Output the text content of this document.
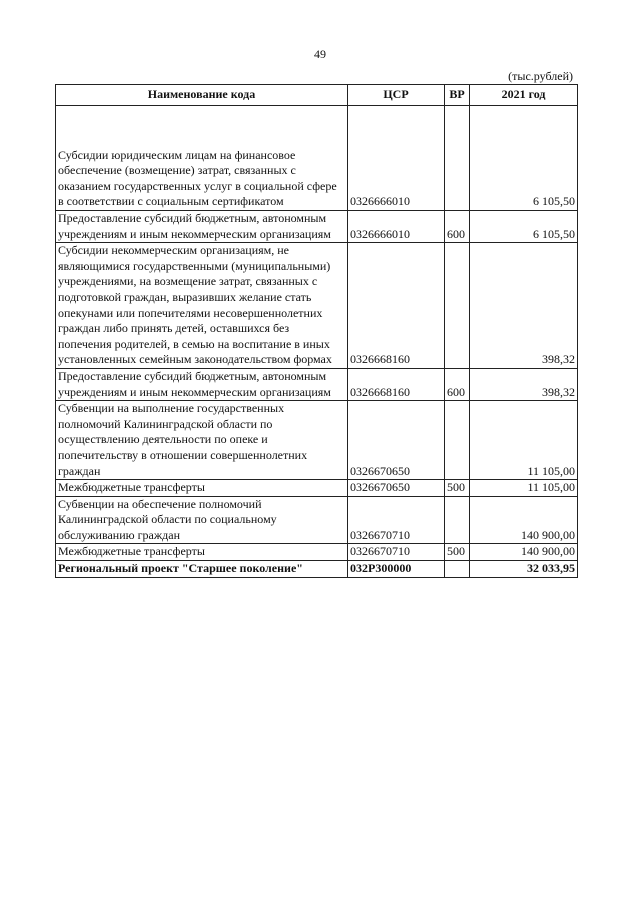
49
(тыс.рублей)
Наименование кода	ЦСР	ВР	2021 год
Субсидии юридическим лицам на финансовое обеспечение (возмещение) затрат, связанных с оказанием государственных услуг в социальной сфере в соответствии с социальным сертификатом	0326666010		6 105,50
Предоставление субсидий бюджетным, автономным учреждениям и иным некоммерческим организациям	0326666010	600	6 105,50
Субсидии некоммерческим организациям, не являющимися государственными (муниципальными) учреждениями, на возмещение затрат, связанных с подготовкой граждан, выразивших желание стать опекунами или попечителями несовершеннолетних граждан либо принять детей, оставшихся без попечения родителей, в семью на воспитание в иных установленных семейным законодательством формах	0326668160		398,32
Предоставление субсидий бюджетным, автономным учреждениям и иным некоммерческим организациям	0326668160	600	398,32
Субвенции на выполнение государственных полномочий Калининградской области по осуществлению деятельности по опеке и попечительству в отношении совершеннолетних граждан	0326670650		11 105,00
Межбюджетные трансферты	0326670650	500	11 105,00
Субвенции на обеспечение полномочий Калининградской области по социальному обслуживанию граждан	0326670710		140 900,00
Межбюджетные трансферты	0326670710	500	140 900,00
Региональный проект "Старшее поколение"	032P300000		32 033,95
